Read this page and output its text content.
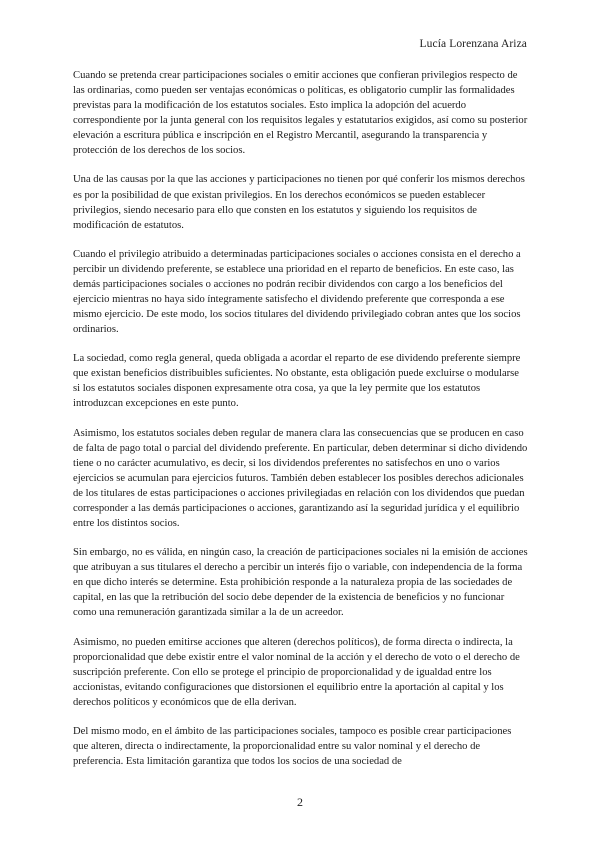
Lucía Lorenzana Ariza

Cuando se pretenda crear participaciones sociales o emitir acciones que confieran privilegios respecto de las ordinarias, como pueden ser ventajas económicas o políticas, es obligatorio cumplir las formalidades previstas para la modificación de los estatutos sociales. Esto implica la adopción del acuerdo correspondiente por la junta general con los requisitos legales y estatutarios exigidos, así como su posterior elevación a escritura pública e inscripción en el Registro Mercantil, asegurando la transparencia y protección de los derechos de los socios.

Una de las causas por la que las acciones y participaciones no tienen por qué conferir los mismos derechos es por la posibilidad de que existan privilegios. En los derechos económicos se pueden establecer privilegios, siendo necesario para ello que consten en los estatutos y siguiendo los requisitos de modificación de estatutos.

Cuando el privilegio atribuido a determinadas participaciones sociales o acciones consista en el derecho a percibir un dividendo preferente, se establece una prioridad en el reparto de beneficios. En este caso, las demás participaciones sociales o acciones no podrán recibir dividendos con cargo a los beneficios del ejercicio mientras no haya sido íntegramente satisfecho el dividendo preferente que corresponda a ese mismo ejercicio. De este modo, los socios titulares del dividendo privilegiado cobran antes que los socios ordinarios.

La sociedad, como regla general, queda obligada a acordar el reparto de ese dividendo preferente siempre que existan beneficios distribuibles suficientes. No obstante, esta obligación puede excluirse o modularse si los estatutos sociales disponen expresamente otra cosa, ya que la ley permite que los estatutos introduzcan excepciones en este punto.

Asimismo, los estatutos sociales deben regular de manera clara las consecuencias que se producen en caso de falta de pago total o parcial del dividendo preferente. En particular, deben determinar si dicho dividendo tiene o no carácter acumulativo, es decir, si los dividendos preferentes no satisfechos en uno o varios ejercicios se acumulan para ejercicios futuros. También deben establecer los posibles derechos adicionales de los titulares de estas participaciones o acciones privilegiadas en relación con los dividendos que puedan corresponder a las demás participaciones o acciones, garantizando así la seguridad jurídica y el equilibrio entre los distintos socios.

Sin embargo, no es válida, en ningún caso, la creación de participaciones sociales ni la emisión de acciones que atribuyan a sus titulares el derecho a percibir un interés fijo o variable, con independencia de la forma en que dicho interés se determine. Esta prohibición responde a la naturaleza propia de las sociedades de capital, en las que la retribución del socio debe depender de la existencia de beneficios y no funcionar como una remuneración garantizada similar a la de un acreedor.

Asimismo, no pueden emitirse acciones que alteren (derechos políticos), de forma directa o indirecta, la proporcionalidad que debe existir entre el valor nominal de la acción y el derecho de voto o el derecho de suscripción preferente. Con ello se protege el principio de proporcionalidad y de igualdad entre los accionistas, evitando configuraciones que distorsionen el equilibrio entre la aportación al capital y los derechos políticos y económicos que de ella derivan.

Del mismo modo, en el ámbito de las participaciones sociales, tampoco es posible crear participaciones que alteren, directa o indirectamente, la proporcionalidad entre su valor nominal y el derecho de preferencia. Esta limitación garantiza que todos los socios de una sociedad de

2
